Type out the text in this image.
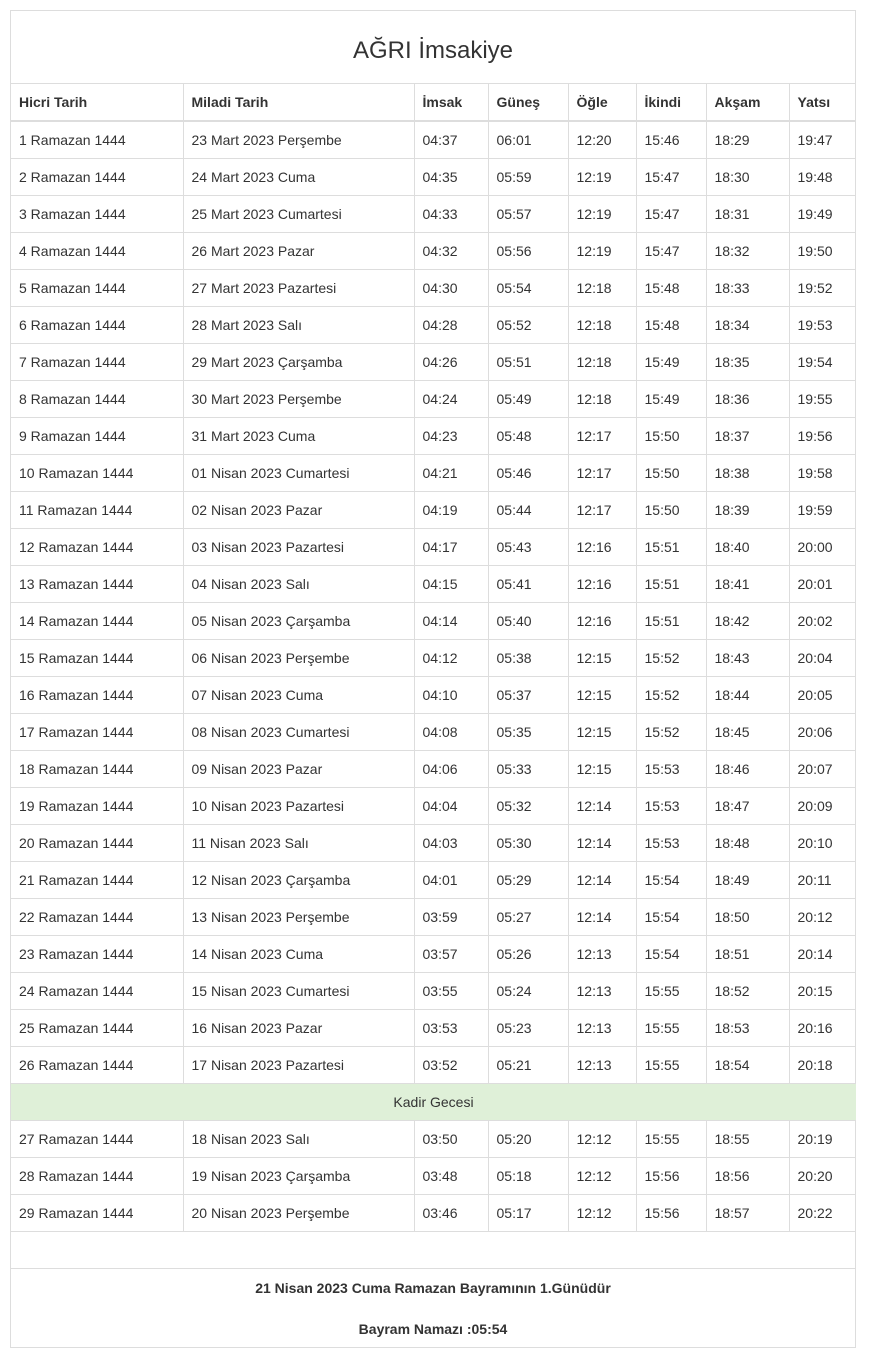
AĞRI İmsakiye
Hicri Tarih	Miladi Tarih	İmsak	Güneş	Öğle	İkindi	Akşam	Yatsı
1 Ramazan 1444	23 Mart 2023 Perşembe	04:37	06:01	12:20	15:46	18:29	19:47
2 Ramazan 1444	24 Mart 2023 Cuma	04:35	05:59	12:19	15:47	18:30	19:48
3 Ramazan 1444	25 Mart 2023 Cumartesi	04:33	05:57	12:19	15:47	18:31	19:49
4 Ramazan 1444	26 Mart 2023 Pazar	04:32	05:56	12:19	15:47	18:32	19:50
5 Ramazan 1444	27 Mart 2023 Pazartesi	04:30	05:54	12:18	15:48	18:33	19:52
6 Ramazan 1444	28 Mart 2023 Salı	04:28	05:52	12:18	15:48	18:34	19:53
7 Ramazan 1444	29 Mart 2023 Çarşamba	04:26	05:51	12:18	15:49	18:35	19:54
8 Ramazan 1444	30 Mart 2023 Perşembe	04:24	05:49	12:18	15:49	18:36	19:55
9 Ramazan 1444	31 Mart 2023 Cuma	04:23	05:48	12:17	15:50	18:37	19:56
10 Ramazan 1444	01 Nisan 2023 Cumartesi	04:21	05:46	12:17	15:50	18:38	19:58
11 Ramazan 1444	02 Nisan 2023 Pazar	04:19	05:44	12:17	15:50	18:39	19:59
12 Ramazan 1444	03 Nisan 2023 Pazartesi	04:17	05:43	12:16	15:51	18:40	20:00
13 Ramazan 1444	04 Nisan 2023 Salı	04:15	05:41	12:16	15:51	18:41	20:01
14 Ramazan 1444	05 Nisan 2023 Çarşamba	04:14	05:40	12:16	15:51	18:42	20:02
15 Ramazan 1444	06 Nisan 2023 Perşembe	04:12	05:38	12:15	15:52	18:43	20:04
16 Ramazan 1444	07 Nisan 2023 Cuma	04:10	05:37	12:15	15:52	18:44	20:05
17 Ramazan 1444	08 Nisan 2023 Cumartesi	04:08	05:35	12:15	15:52	18:45	20:06
18 Ramazan 1444	09 Nisan 2023 Pazar	04:06	05:33	12:15	15:53	18:46	20:07
19 Ramazan 1444	10 Nisan 2023 Pazartesi	04:04	05:32	12:14	15:53	18:47	20:09
20 Ramazan 1444	11 Nisan 2023 Salı	04:03	05:30	12:14	15:53	18:48	20:10
21 Ramazan 1444	12 Nisan 2023 Çarşamba	04:01	05:29	12:14	15:54	18:49	20:11
22 Ramazan 1444	13 Nisan 2023 Perşembe	03:59	05:27	12:14	15:54	18:50	20:12
23 Ramazan 1444	14 Nisan 2023 Cuma	03:57	05:26	12:13	15:54	18:51	20:14
24 Ramazan 1444	15 Nisan 2023 Cumartesi	03:55	05:24	12:13	15:55	18:52	20:15
25 Ramazan 1444	16 Nisan 2023 Pazar	03:53	05:23	12:13	15:55	18:53	20:16
26 Ramazan 1444	17 Nisan 2023 Pazartesi	03:52	05:21	12:13	15:55	18:54	20:18
Kadir Gecesi							
27 Ramazan 1444	18 Nisan 2023 Salı	03:50	05:20	12:12	15:55	18:55	20:19
28 Ramazan 1444	19 Nisan 2023 Çarşamba	03:48	05:18	12:12	15:56	18:56	20:20
29 Ramazan 1444	20 Nisan 2023 Perşembe	03:46	05:17	12:12	15:56	18:57	20:22
21 Nisan 2023 Cuma Ramazan Bayramının 1.Günüdür
Bayram Namazı :05:54
